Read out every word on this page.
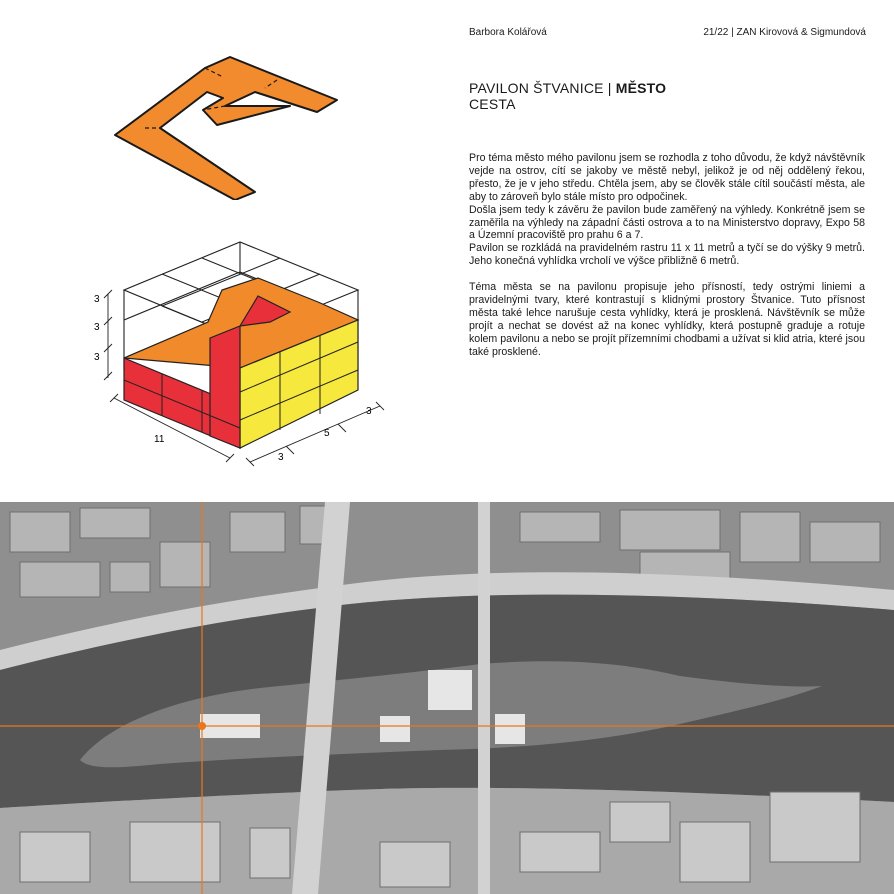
Barbora Kolářová	21/22 | ZAN Kirovová & Sigmundová
PAVILON ŠTVANICE | MĚSTO
CESTA

Pro téma město mého pavilonu jsem se rozhodla z toho důvodu, že když návštěvník vejde na ostrov, cítí se jakoby ve městě nebyl, jelikož je od něj oddělený řekou, přesto, že je v jeho středu. Chtěla jsem, aby se člověk stále cítil součástí města, ale aby to zároveň bylo stále místo pro odpočinek.

Došla jsem tedy k závěru že pavilon bude zaměřený na výhledy. Konkrétně jsem se zaměřila na výhledy na západní části ostrova a to na Ministerstvo dopravy, Expo 58 a Územní pracoviště pro prahu 6 a 7.

Pavilon se rozkládá na pravidelném rastru 11 x 11 metrů a tyčí se do výšky 9 metrů. Jeho konečná vyhlídka vrcholí ve výšce přibližně 6 metrů.

Téma města se na pavilonu propisuje jeho přísností, tedy ostrými liniemi a pravidelnými tvary, které kontrastují s klidnými prostory Štvanice. Tuto přísnost města také lehce narušuje cesta vyhlídky, která je prosklená. Návštěvník se může projít a nechat se dovést až na konec vyhlídky, která postupně graduje a rotuje kolem pavilonu a nebo se projít přízemními chodbami a užívat si klid atria, které jsou také prosklené.

3
3
3
11
3
5
3
